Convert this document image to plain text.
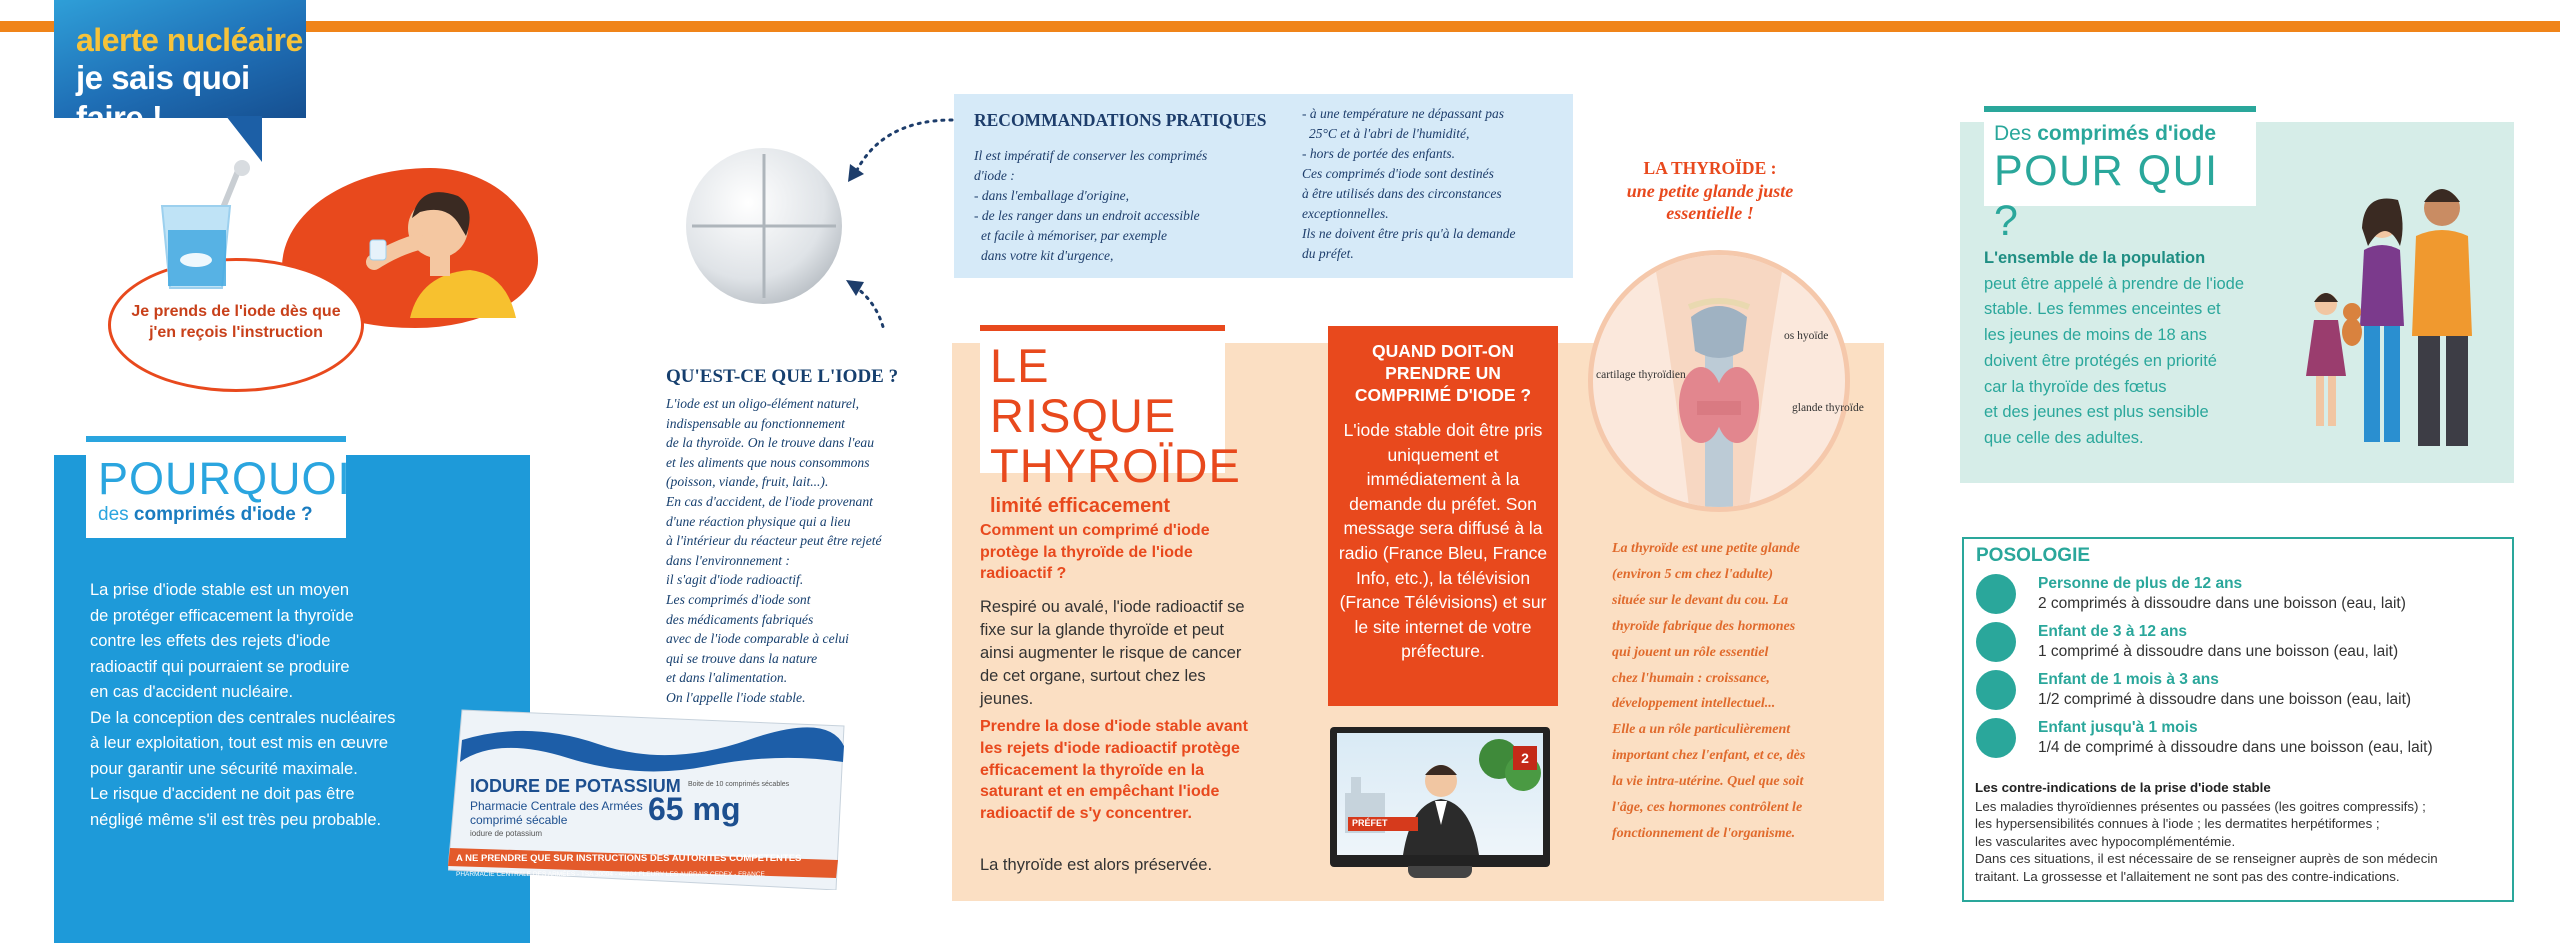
alerte nucléaire
je sais quoi faire !
Je prends de l'iode dès que j'en reçois l'instruction
POURQUOI
des comprimés d'iode ?
La prise d'iode stable est un moyen
de protéger efficacement la thyroïde
contre les effets des rejets d'iode
radioactif qui pourraient se produire
en cas d'accident nucléaire.
De la conception des centrales nucléaires
à leur exploitation, tout est mis en œuvre
pour garantir une sécurité maximale.
Le risque d'accident ne doit pas être
négligé même s'il est très peu probable.
IODURE DE POTASSIUM
Pharmacie Centrale des Armées
comprimé sécable
iodure de potassium
65 mg
Boite de 10 comprimés sécables
A NE PRENDRE QUE SUR INSTRUCTIONS DES AUTORITES COMPETENTES
PHARMACIE CENTRALE DES ARMÉES - TSA 30004 - 45404 FLEURY LES AUBRAIS CEDEX - FRANCE
QU'EST-CE QUE L'IODE ?
L'iode est un oligo-élément naturel,
indispensable au fonctionnement
de la thyroïde. On le trouve dans l'eau
et les aliments que nous consommons
(poisson, viande, fruit, lait...).
En cas d'accident, de l'iode provenant
d'une réaction physique qui a lieu
à l'intérieur du réacteur peut être rejeté
dans l'environnement :
il s'agit d'iode radioactif.
Les comprimés d'iode sont
des médicaments fabriqués
avec de l'iode comparable à celui
qui se trouve dans la nature
et dans l'alimentation.
On l'appelle l'iode stable.
RECOMMANDATIONS PRATIQUES
Il est impératif de conserver les comprimés
d'iode :
- dans l'emballage d'origine,
- de les ranger dans un endroit accessible
et facile à mémoriser, par exemple
dans votre kit d'urgence,
- à une température ne dépassant pas
25°C et à l'abri de l'humidité,
- hors de portée des enfants.
Ces comprimés d'iode sont destinés
à être utilisés dans des circonstances
exceptionnelles.
Ils ne doivent être pris qu'à la demande
du préfet.
LE RISQUE
THYROÏDE
limité efficacement
Comment un comprimé d'iode protège la thyroïde de l'iode radioactif ?
Respiré ou avalé, l'iode radioactif se fixe sur la glande thyroïde et peut ainsi augmenter le risque de cancer de cet organe, surtout chez les jeunes.
Prendre la dose d'iode stable avant les rejets d'iode radioactif protège efficacement la thyroïde en la saturant et en empêchant l'iode radioactif de s'y concentrer.
La thyroïde est alors préservée.
QUAND DOIT-ON PRENDRE UN COMPRIMÉ D'IODE ?
L'iode stable doit être pris uniquement et immédiatement à la demande du préfet. Son message sera diffusé à la radio (France Bleu, France Info, etc.), la télévision (France Télévisions) et sur le site internet de votre préfecture.
PRÉFET
2
LA THYROÏDE :
une petite glande juste essentielle !
cartilage thyroïdien
os hyoïde
glande thyroïde
La thyroïde est une petite glande
(environ 5 cm chez l'adulte)
située sur le devant du cou. La
thyroïde fabrique des hormones
qui jouent un rôle essentiel
chez l'humain : croissance,
développement intellectuel...
Elle a un rôle particulièrement
important chez l'enfant, et ce, dès
la vie intra-utérine. Quel que soit
l'âge, ces hormones contrôlent le
fonctionnement de l'organisme.
Des comprimés d'iode
POUR QUI ?
L'ensemble de la population
peut être appelé à prendre de l'iode
stable. Les femmes enceintes et
les jeunes de moins de 18 ans
doivent être protégés en priorité
car la thyroïde des fœtus
et des jeunes est plus sensible
que celle des adultes.
POSOLOGIE
Personne de plus de 12 ans
2 comprimés à dissoudre dans une boisson (eau, lait)
Enfant de 3 à 12 ans
1 comprimé à dissoudre dans une boisson (eau, lait)
Enfant de 1 mois à 3 ans
1/2 comprimé à dissoudre dans une boisson (eau, lait)
Enfant jusqu'à 1 mois
1/4 de comprimé à dissoudre dans une boisson (eau, lait)
Les contre-indications de la prise d'iode stable
Les maladies thyroïdiennes présentes ou passées (les goitres compressifs) ;
les hypersensibilités connues à l'iode ; les dermatites herpétiformes ;
les vascularites avec hypocomplémentémie.
Dans ces situations, il est nécessaire de se renseigner auprès de son médecin
traitant. La grossesse et l'allaitement ne sont pas des contre-indications.
